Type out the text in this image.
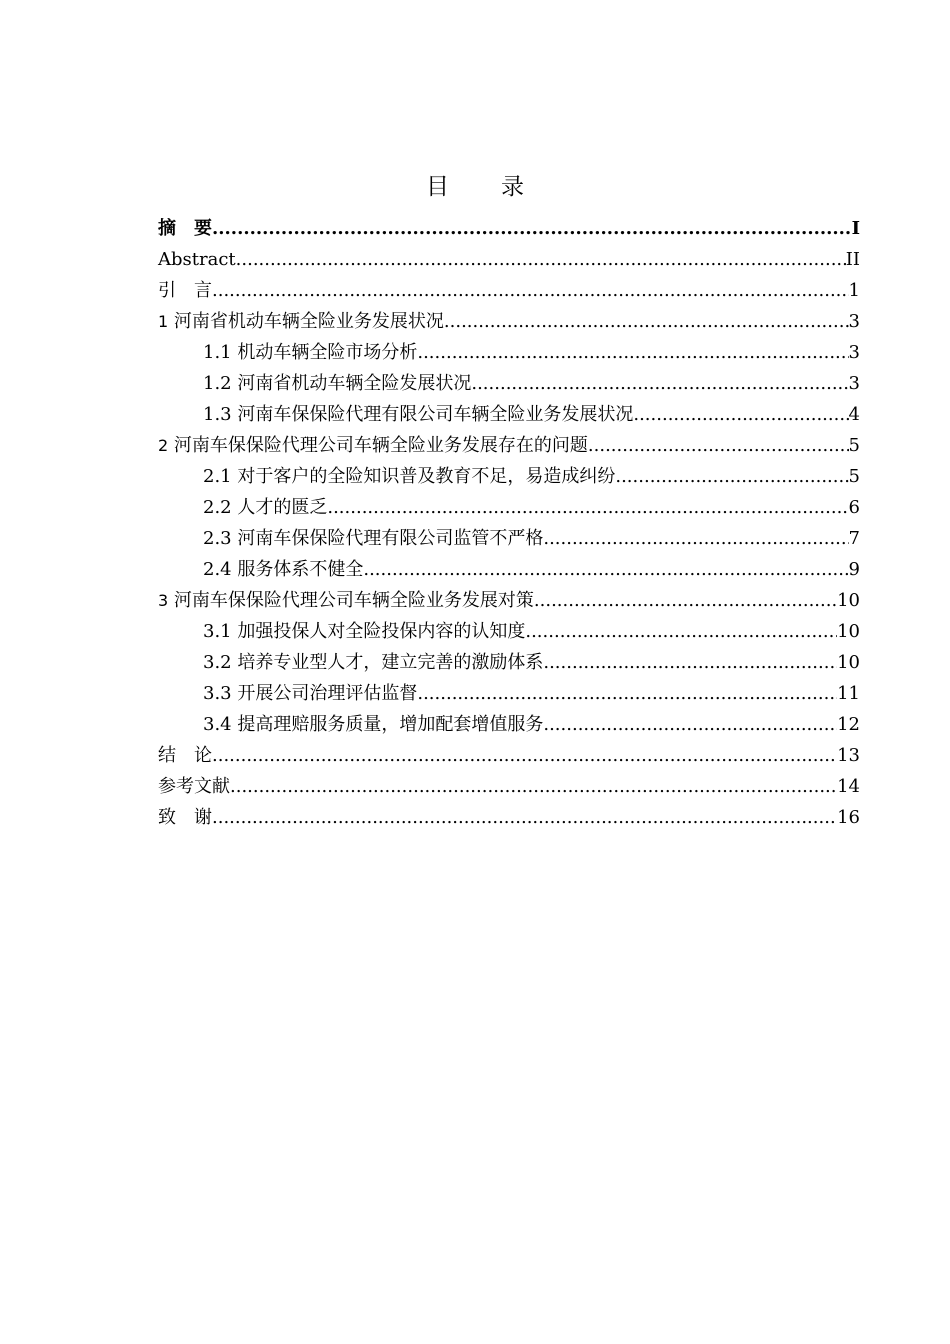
目 录
摘　要 .....	I
Abstract .....	II
引　言 .....	1
1 河南省机动车辆全险业务发展状况 .....	3
1.1 机动车辆全险市场分析 .....	3
1.2 河南省机动车辆全险发展状况 .....	3
1.3 河南车保保险代理有限公司车辆全险业务发展状况 .....	4
2 河南车保保险代理公司车辆全险业务发展存在的问题 .....	5
2.1 对于客户的全险知识普及教育不足，易造成纠纷 .....	5
2.2 人才的匮乏 .....	6
2.3 河南车保保险代理有限公司监管不严格 .....	7
2.4 服务体系不健全 .....	9
3 河南车保保险代理公司车辆全险业务发展对策 .....	10
3.1 加强投保人对全险投保内容的认知度 .....	10
3.2 培养专业型人才，建立完善的激励体系 .....	10
3.3 开展公司治理评估监督 .....	11
3.4 提高理赔服务质量，增加配套增值服务 .....	12
结　论 .....	13
参考文献 .....	14
致　谢 .....	16
